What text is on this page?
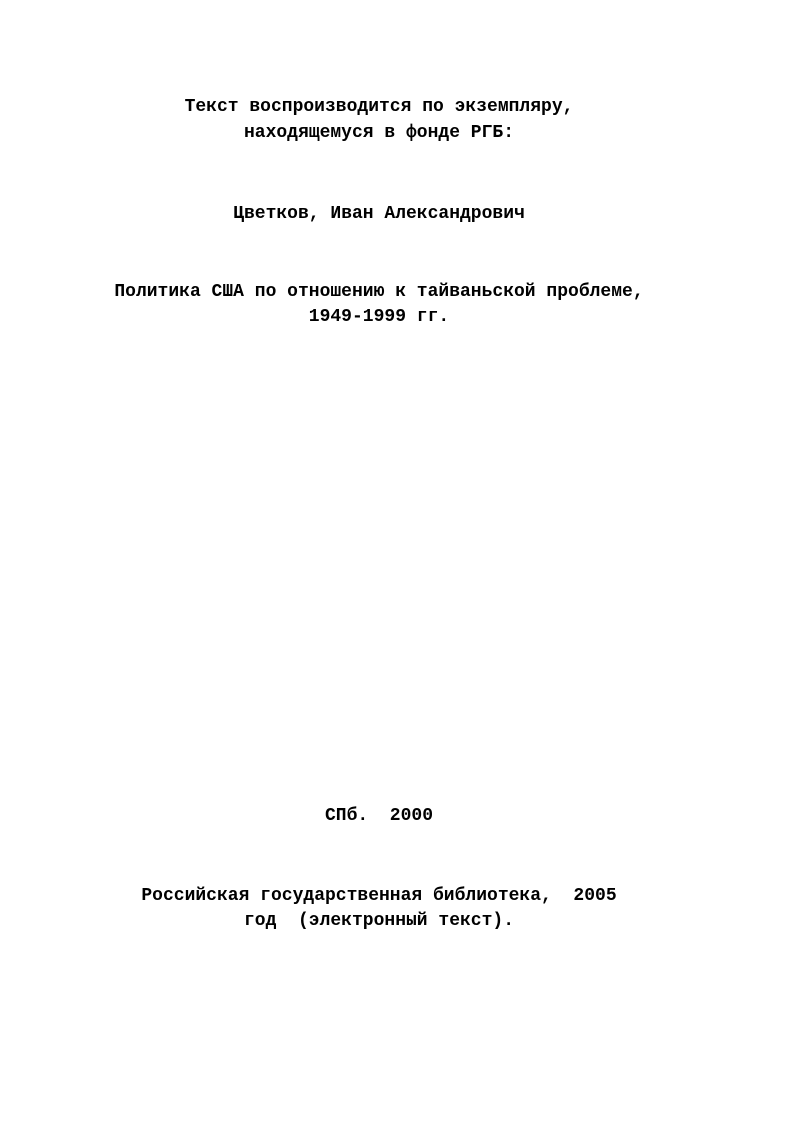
Текст воспроизводится по экземпляру,
находящемуся в фонде РГБ:
Цветков, Иван Александрович
Политика США по отношению к тайваньской проблеме,
1949-1999 гг.
СПб.  2000
Российская государственная библиотека,  2005
год  (электронный текст).
